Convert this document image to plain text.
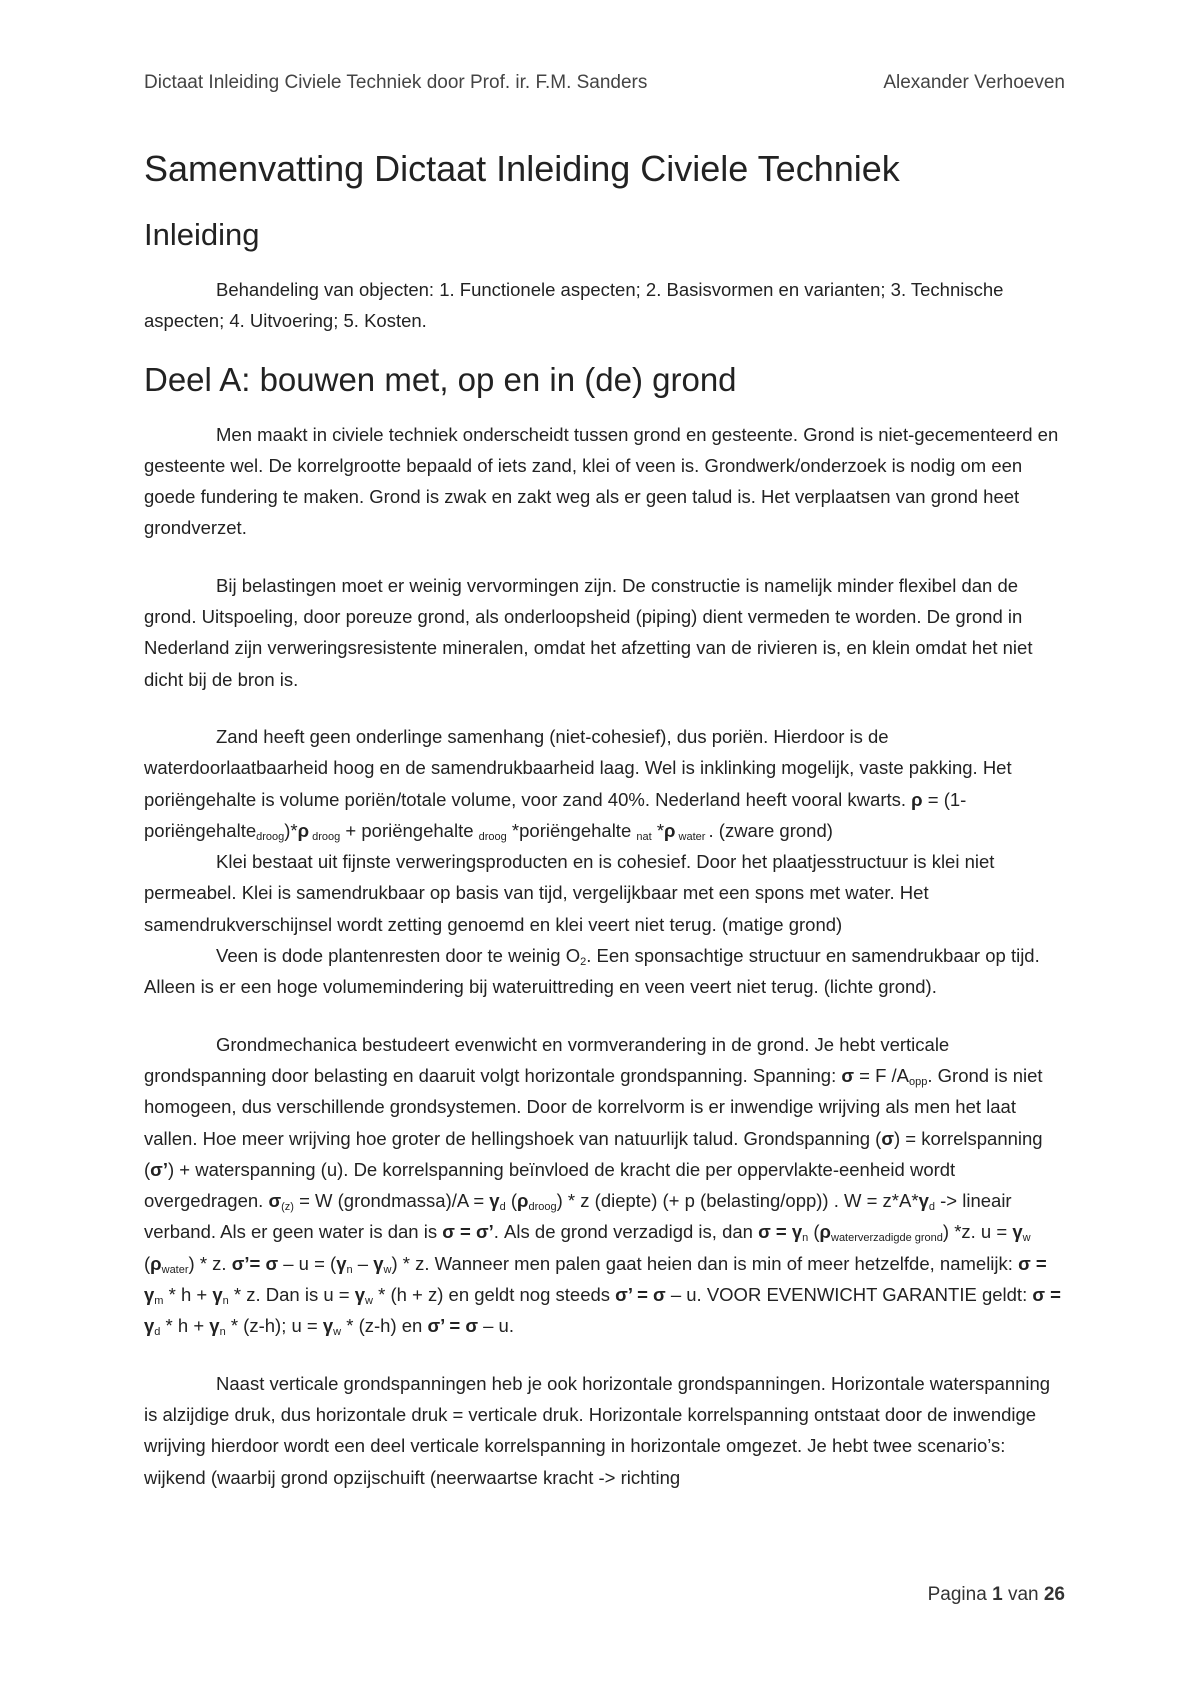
Dictaat Inleiding Civiele Techniek door Prof. ir. F.M. Sanders	Alexander Verhoeven
Samenvatting Dictaat Inleiding Civiele Techniek
Inleiding

Behandeling van objecten: 1. Functionele aspecten; 2. Basisvormen en varianten; 3. Technische aspecten; 4. Uitvoering; 5. Kosten.

Deel A: bouwen met, op en in (de) grond

Men maakt in civiele techniek onderscheidt tussen grond en gesteente. Grond is niet-gecementeerd en gesteente wel. De korrelgrootte bepaald of iets zand, klei of veen is. Grondwerk/onderzoek is nodig om een goede fundering te maken. Grond is zwak en zakt weg als er geen talud is. Het verplaatsen van grond heet grondverzet.

Bij belastingen moet er weinig vervormingen zijn. De constructie is namelijk minder flexibel dan de grond. Uitspoeling, door poreuze grond, als onderloopsheid (piping) dient vermeden te worden. De grond in Nederland zijn verweringsresistente mineralen, omdat het afzetting van de rivieren is, en klein omdat het niet dicht bij de bron is.

Zand heeft geen onderlinge samenhang (niet-cohesief), dus poriën. Hierdoor is de waterdoorlaatbaarheid hoog en de samendrukbaarheid laag. Wel is inklinking mogelijk, vaste pakking. Het poriëngehalte is volume poriën/totale volume, voor zand 40%. Nederland heeft vooral kwarts. ρ = (1-poriëngehalte$_{droog}$)*ρ $_{droog}$ + poriëngehalte $_{droog}$ *poriëngehalte $_{nat}$ *ρ $_{water}$ . (zware grond)

Klei bestaat uit fijnste verweringsproducten en is cohesief. Door het plaatjesstructuur is klei niet permeabel. Klei is samendrukbaar op basis van tijd, vergelijkbaar met een spons met water. Het samendrukverschijnsel wordt zetting genoemd en klei veert niet terug. (matige grond)

Veen is dode plantenresten door te weinig $O_2$. Een sponsachtige structuur en samendrukbaar op tijd. Alleen is er een hoge volumemindering bij wateruittreding en veen veert niet terug. (lichte grond).

Grondmechanica bestudeert evenwicht en vormverandering in de grond. Je hebt verticale grondspanning door belasting en daaruit volgt horizontale grondspanning. Spanning: σ = F $/A_{opp}$. Grond is niet homogeen, dus verschillende grondsystemen. Door de korrelvorm is er inwendige wrijving als men het laat vallen. Hoe meer wrijving hoe groter de hellingshoek van natuurlijk talud. Grondspanning (σ) = korrelspanning (σ’) + waterspanning (u). De korrelspanning beïnvloed de kracht die per oppervlakte-eenheid wordt overgedragen. $\sigma_{(z)} = W$ (grondmassa)/A = $\gamma_d$ $(\rho_{droog})$ * z (diepte) (+ p (belasting/opp)) . $W = z*A*\gamma_d$ -> lineair verband. Als er geen water is dan is σ = σ’. Als de grond verzadigd is, dan $\sigma = \gamma_n$ $(\rho_{waterverzadigde grond})$ *z. $u = \gamma_w$ $(\rho_{water})$ * z. σ’= $\sigma - u = (\gamma_n - \gamma_w) * z$. Wanneer men palen gaat heien dan is min of meer hetzelfde, namelijk: $\sigma = \gamma_m * h + \gamma_n * z$. Dan is $u = \gamma_w * (h + z)$ en geldt nog steeds σ’ = σ – u. VOOR EVENWICHT GARANTIE geldt: $\sigma = \gamma_d * h + \gamma_n * (z-h)$; $u = \gamma_w * (z-h)$ en σ’ = σ – u.

Naast verticale grondspanningen heb je ook horizontale grondspanningen. Horizontale waterspanning is alzijdige druk, dus horizontale druk = verticale druk. Horizontale korrelspanning ontstaat door de inwendige wrijving hierdoor wordt een deel verticale korrelspanning in horizontale omgezet. Je hebt twee scenario’s: wijkend (waarbij grond opzijschuift (neerwaartse kracht -> richting

Pagina 1 van 26
